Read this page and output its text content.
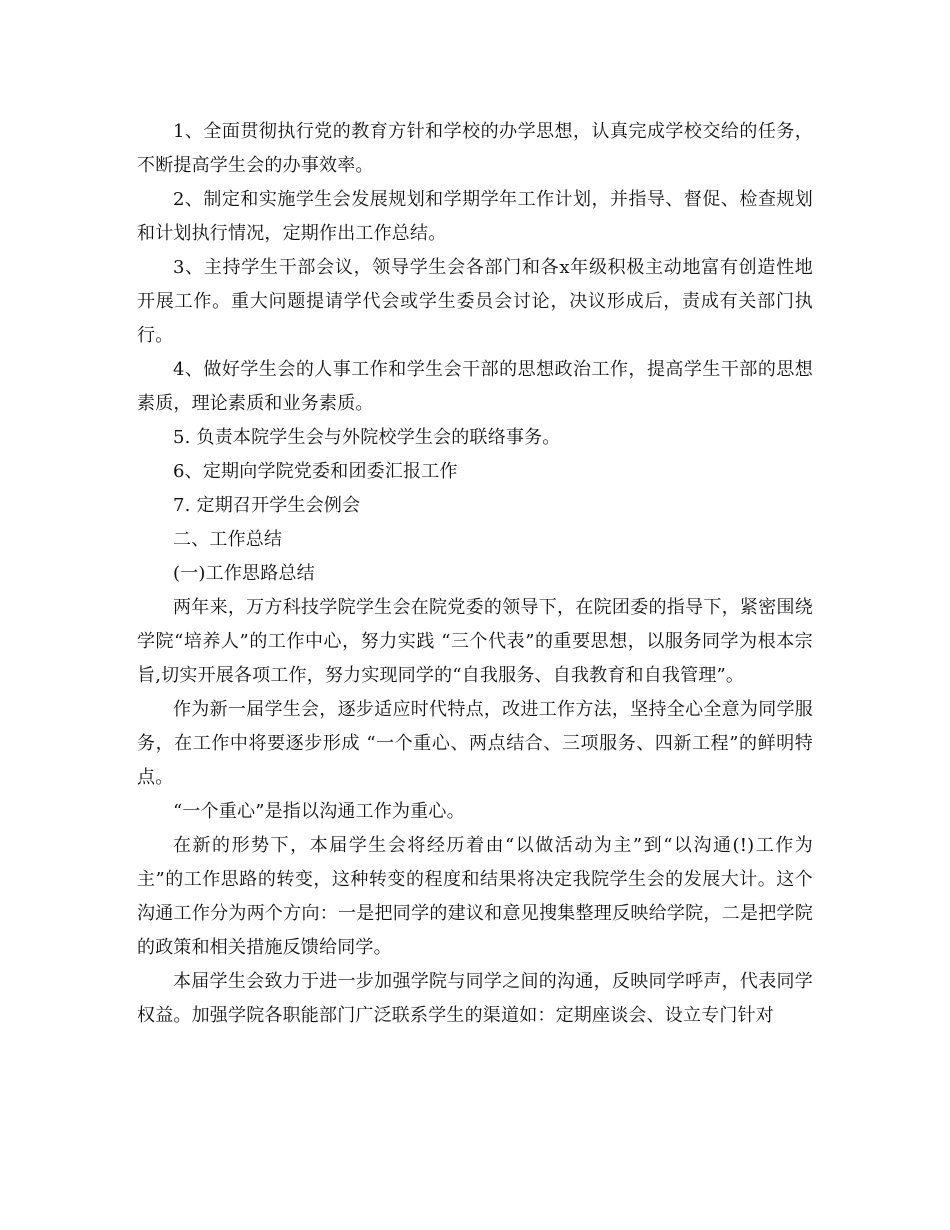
1、全面贯彻执行党的教育方针和学校的办学思想，认真完成学校交给的任务，不断提高学生会的办事效率。

2、制定和实施学生会发展规划和学期学年工作计划，并指导、督促、检查规划和计划执行情况，定期作出工作总结。

3、主持学生干部会议，领导学生会各部门和各x年级积极主动地富有创造性地开展工作。重大问题提请学代会或学生委员会讨论，决议形成后，责成有关部门执行。

4、做好学生会的人事工作和学生会干部的思想政治工作，提高学生干部的思想素质，理论素质和业务素质。

5. 负责本院学生会与外院校学生会的联络事务。

6、定期向学院党委和团委汇报工作

7. 定期召开学生会例会

二、工作总结

(一)工作思路总结

两年来，万方科技学院学生会在院党委的领导下，在院团委的指导下，紧密围绕学院“培养人”的工作中心，努力实践 “三个代表”的重要思想，以服务同学为根本宗旨,切实开展各项工作，努力实现同学的“自我服务、自我教育和自我管理”。

作为新一届学生会，逐步适应时代特点，改进工作方法，坚持全心全意为同学服务，在工作中将要逐步形成 “一个重心、两点结合、三项服务、四新工程”的鲜明特点。

“一个重心”是指以沟通工作为重心。

在新的形势下，本届学生会将经历着由“以做活动为主”到“以沟通(!)工作为主”的工作思路的转变，这种转变的程度和结果将决定我院学生会的发展大计。这个沟通工作分为两个方向：一是把同学的建议和意见搜集整理反映给学院，二是把学院的政策和相关措施反馈给同学。

本届学生会致力于进一步加强学院与同学之间的沟通，反映同学呼声，代表同学权益。加强学院各职能部门广泛联系学生的渠道如：定期座谈会、设立专门针对
